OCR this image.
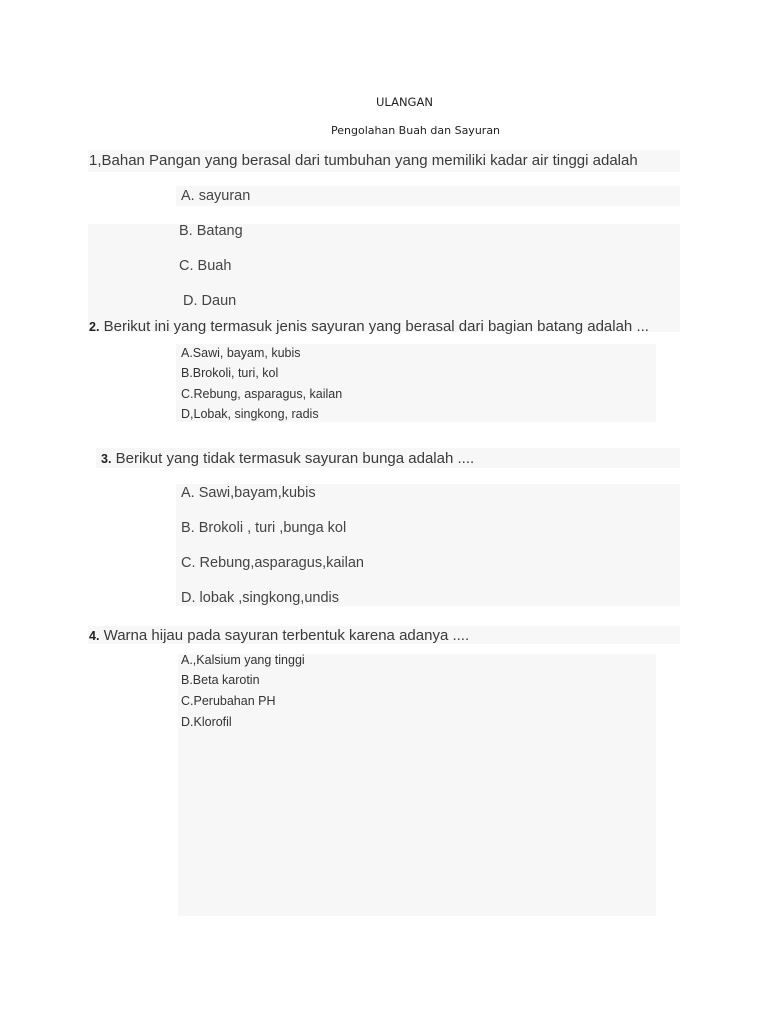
ULANGAN
Pengolahan Buah dan Sayuran
1,Bahan Pangan yang berasal dari tumbuhan yang memiliki kadar air tinggi adalah
A. sayuran
B. Batang
C. Buah
D. Daun
2. Berikut ini yang termasuk jenis sayuran yang berasal dari bagian batang adalah ...
A.Sawi, bayam, kubis
B.Brokoli, turi, kol
C.Rebung, asparagus, kailan
D,Lobak, singkong, radis
3. Berikut yang tidak termasuk sayuran bunga adalah ....
A. Sawi,bayam,kubis
B. Brokoli , turi ,bunga kol
C. Rebung,asparagus,kailan
D. lobak ,singkong,undis
4. Warna hijau pada sayuran terbentuk karena adanya ....
A.,Kalsium yang tinggi
B.Beta karotin
C.Perubahan PH
D.Klorofil
